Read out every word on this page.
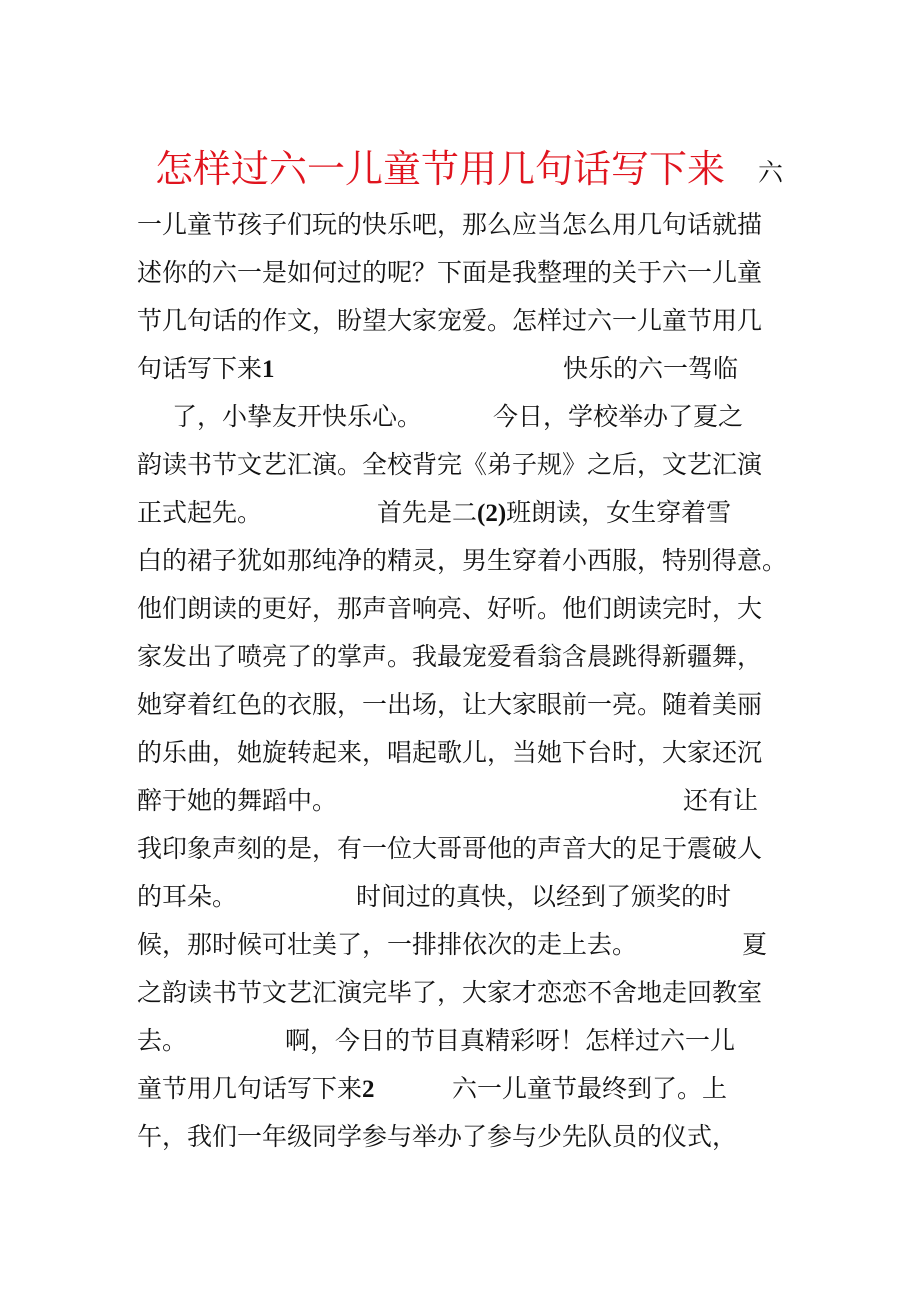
怎样过六一儿童节用几句话写下来 六
一儿童节孩子们玩的快乐吧，那么应当怎么用几句话就描
述你的六一是如何过的呢？下面是我整理的关于六一儿童
节几句话的作文，盼望大家宠爱。怎样过六一儿童节用几
句话写下来1	快乐的六一驾临
了，小挚友开快乐心。	今日，学校举办了夏之
韵读书节文艺汇演。全校背完《弟子规》之后，文艺汇演
正式起先。	首先是二(2)班朗读，女生穿着雪
白的裙子犹如那纯净的精灵，男生穿着小西服，特别得意。
他们朗读的更好，那声音响亮、好听。他们朗读完时，大
家发出了喷亮了的掌声。我最宠爱看翁含晨跳得新疆舞，
她穿着红色的衣服，一出场，让大家眼前一亮。随着美丽
的乐曲，她旋转起来，唱起歌儿，当她下台时，大家还沉
醉于她的舞蹈中。	还有让
我印象声刻的是，有一位大哥哥他的声音大的足于震破人
的耳朵。	时间过的真快，以经到了颁奖的时
候，那时候可壮美了，一排排依次的走上去。	夏
之韵读书节文艺汇演完毕了，大家才恋恋不舍地走回教室
去。	啊，今日的节目真精彩呀！怎样过六一儿
童节用几句话写下来2	六一儿童节最终到了。上
午，我们一年级同学参与举办了参与少先队员的仪式，
